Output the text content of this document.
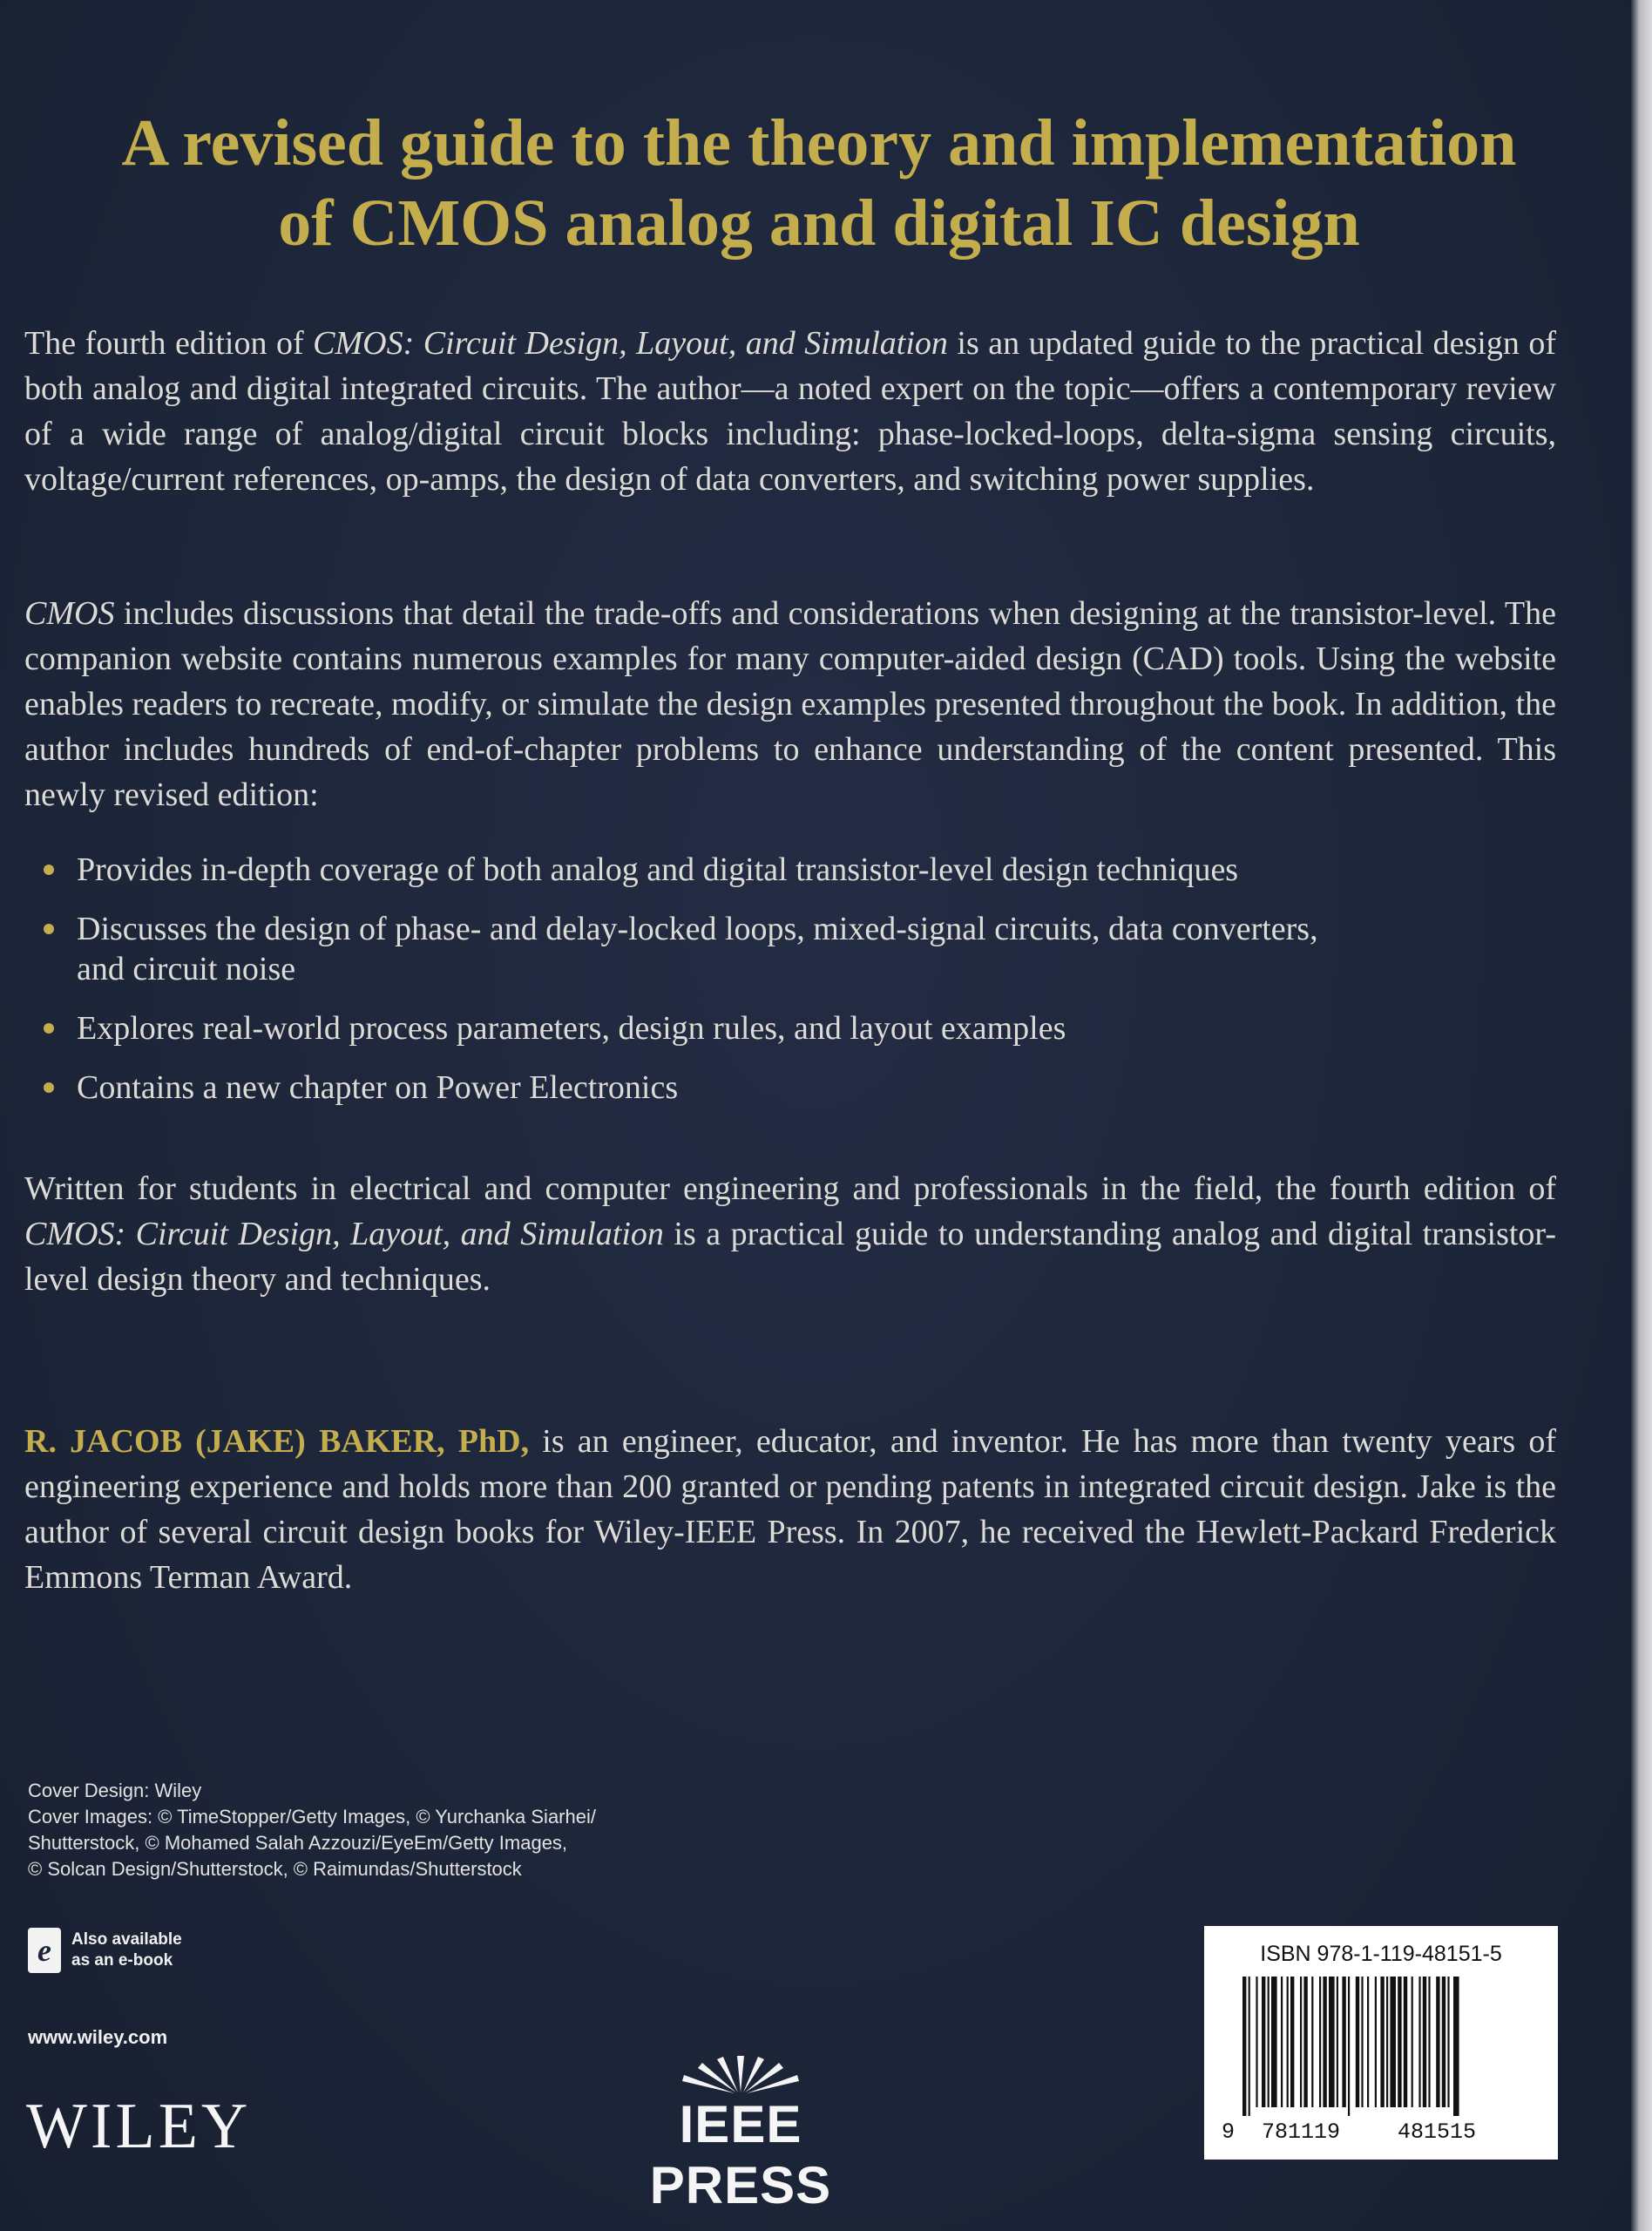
A revised guide to the theory and implementation
of CMOS analog and digital IC design

The fourth edition of CMOS: Circuit Design, Layout, and Simulation is an updated guide to the practical design of both analog and digital integrated circuits. The author—a noted expert on the topic—offers a contemporary review of a wide range of analog/digital circuit blocks including: phase-locked-loops, delta-sigma sensing circuits, voltage/current references, op-amps, the design of data converters, and switching power supplies.

CMOS includes discussions that detail the trade-offs and considerations when designing at the transistor-level. The companion website contains numerous examples for many computer-aided design (CAD) tools. Using the website enables readers to recreate, modify, or simulate the design examples presented throughout the book. In addition, the author includes hundreds of end-of-chapter problems to enhance understanding of the content presented. This newly revised edition:

Provides in-depth coverage of both analog and digital transistor-level design techniques
Discusses the design of phase- and delay-locked loops, mixed-signal circuits, data converters, and circuit noise
Explores real-world process parameters, design rules, and layout examples
Contains a new chapter on Power Electronics

Written for students in electrical and computer engineering and professionals in the field, the fourth edition of CMOS: Circuit Design, Layout, and Simulation is a practical guide to understanding analog and digital transistor-level design theory and techniques.

R. JACOB (JAKE) BAKER, PhD, is an engineer, educator, and inventor. He has more than twenty years of engineering experience and holds more than 200 granted or pending patents in integrated circuit design. Jake is the author of several circuit design books for Wiley-IEEE Press. In 2007, he received the Hewlett-Packard Frederick Emmons Terman Award.

Cover Design: Wiley
Cover Images: © TimeStopper/Getty Images, © Yurchanka Siarhei/
Shutterstock, © Mohamed Salah Azzouzi/EyeEm/Getty Images,
© Solcan Design/Shutterstock, © Raimundas/Shutterstock

e	Also available
as an e-book
www.wiley.com
WILEY	IEEE PRESS
ISBN 978-1-119-48151-5
9 781119	481515
